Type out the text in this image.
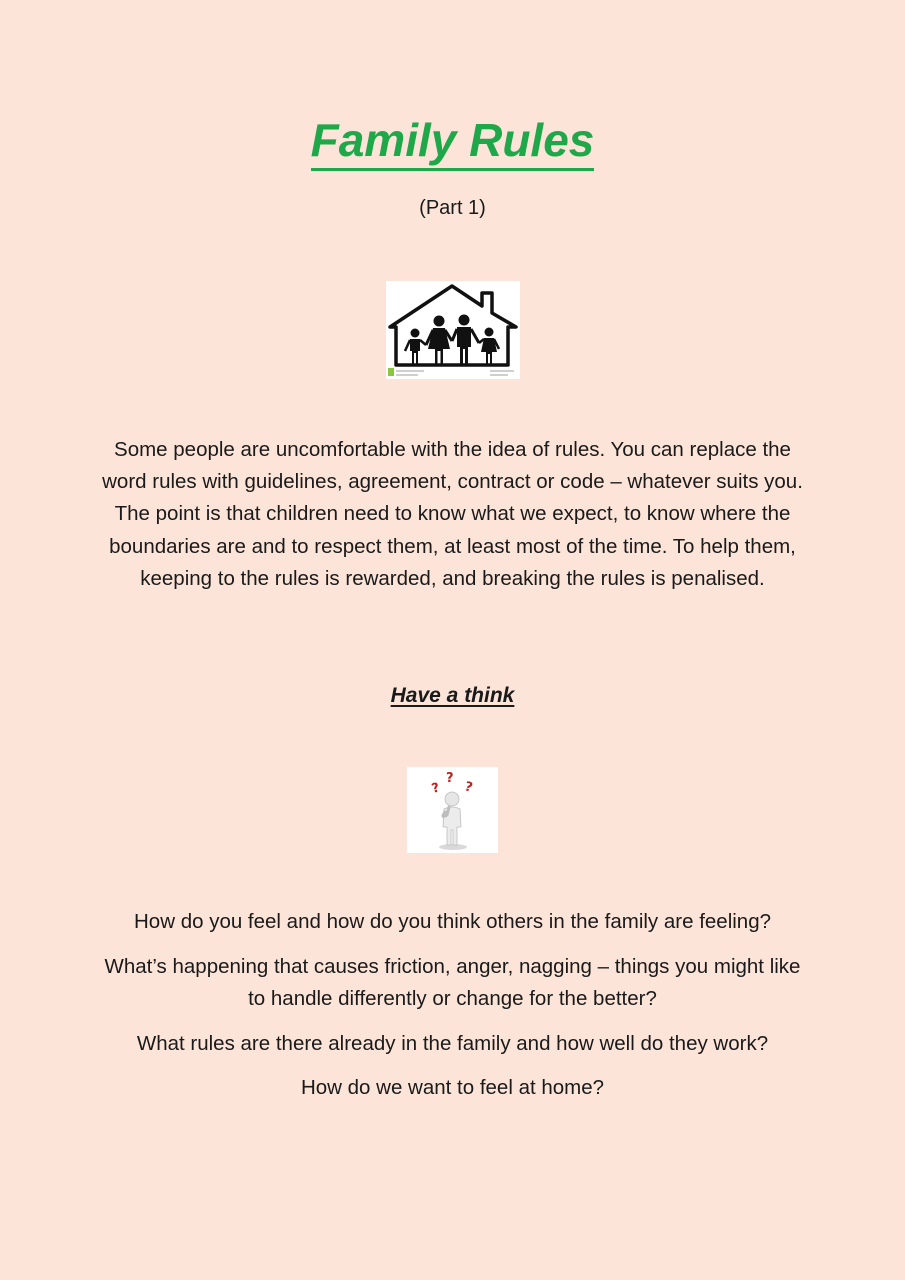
Family Rules

(Part 1)

Some people are uncomfortable with the idea of rules. You can replace the word rules with guidelines, agreement, contract or code – whatever suits you. The point is that children need to know what we expect, to know where the boundaries are and to respect them, at least most of the time. To help them, keeping to the rules is rewarded, and breaking the rules is penalised.

Have a think
?
?
?
How do you feel and how do you think others in the family are feeling?
What’s happening that causes friction, anger, nagging – things you might like to handle differently or change for the better?
What rules are there already in the family and how well do they work?
How do we want to feel at home?
